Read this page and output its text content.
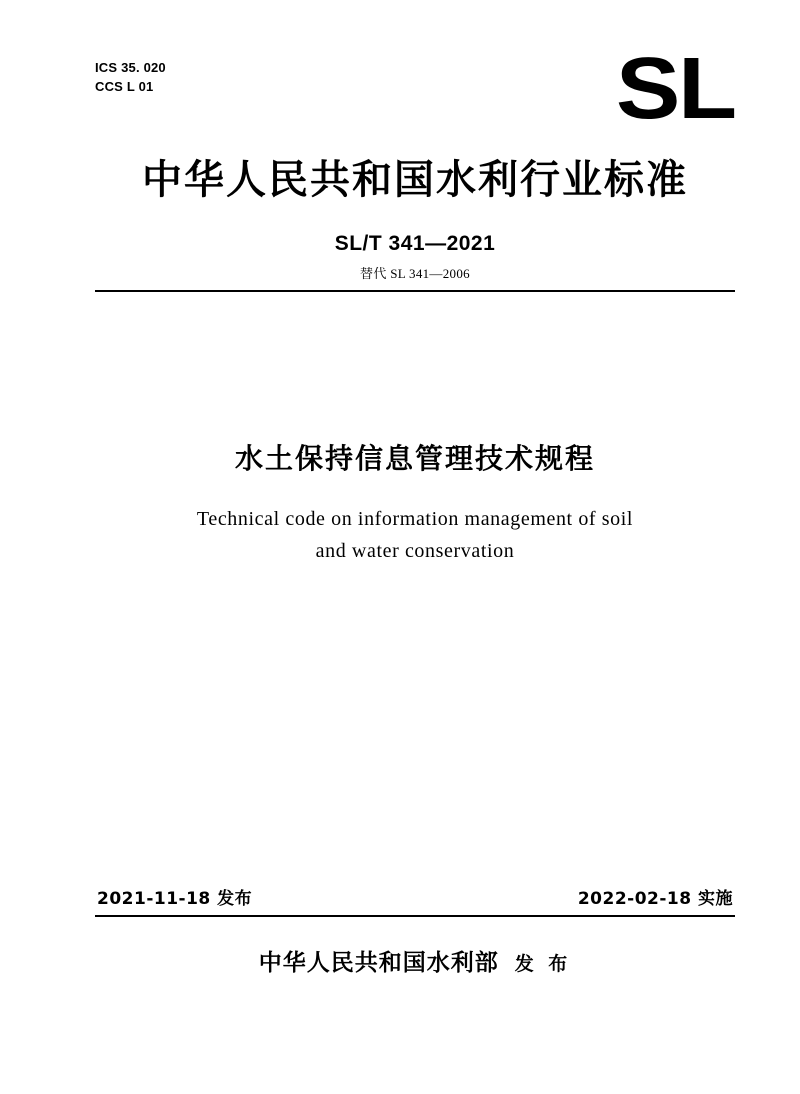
ICS 35. 020
CCS L 01	SL
中华人民共和国水利行业标准
SL/T 341—2021
替代 SL 341—2006
水土保持信息管理技术规程
Technical code on information management of soil
and water conservation
2021-11-18 发布	2022-02-18 实施
中华人民共和国水利部 发 布
